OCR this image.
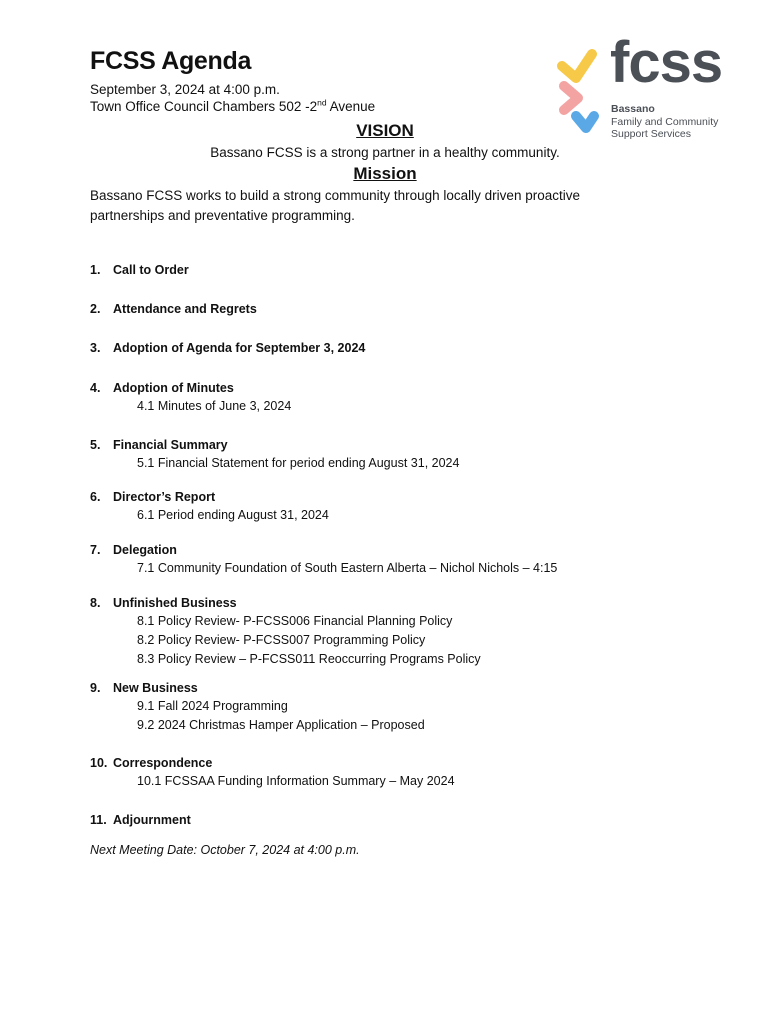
FCSS Agenda

September 3, 2024 at 4:00 p.m.

Town Office Council Chambers 502 -2nd Avenue

fcss

Bassano

Family and Community

Support Services

VISION

Bassano FCSS is a strong partner in a healthy community.

Mission

Bassano FCSS works to build a strong community through locally driven proactive partnerships and preventative programming.

1. Call to Order

2. Attendance and Regrets

3. Adoption of Agenda for September 3, 2024

4. Adoption of Minutes

4.1 Minutes of June 3, 2024

5. Financial Summary

5.1 Financial Statement for period ending August 31, 2024

6. Director’s Report

6.1 Period ending August 31, 2024

7. Delegation

7.1 Community Foundation of South Eastern Alberta – Nichol Nichols – 4:15

8. Unfinished Business

8.1 Policy Review- P-FCSS006 Financial Planning Policy

8.2 Policy Review- P-FCSS007 Programming Policy

8.3 Policy Review – P-FCSS011 Reoccurring Programs Policy

9. New Business

9.1 Fall 2024 Programming

9.2 2024 Christmas Hamper Application – Proposed

10. Correspondence

10.1 FCSSAA Funding Information Summary – May 2024

11. Adjournment

Next Meeting Date: October 7, 2024 at 4:00 p.m.
